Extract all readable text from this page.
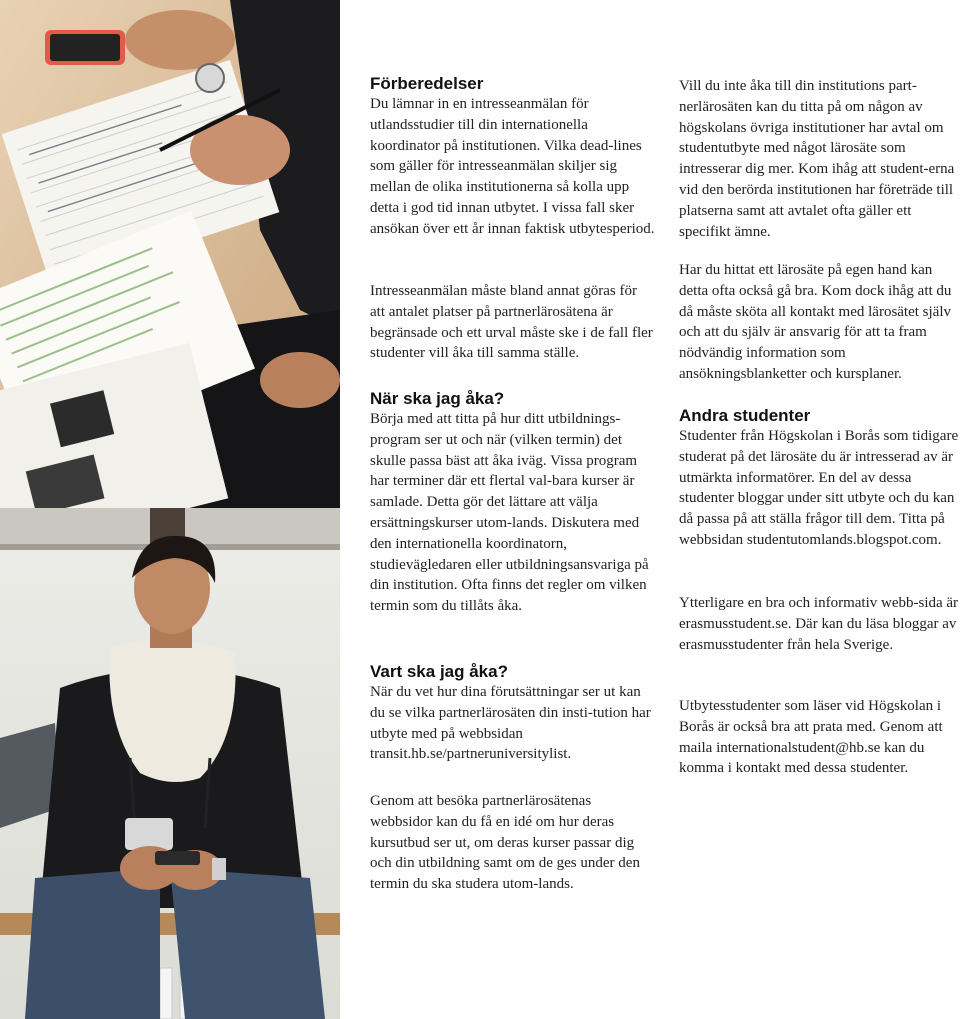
Förberedelser

Du lämnar in en intresseanmälan för utlandsstudier till din internationella koordinator på institutionen. Vilka dead-lines som gäller för intresseanmälan skiljer sig mellan de olika institutionerna så kolla upp detta i god tid innan utbytet. I vissa fall sker ansökan över ett år innan faktisk utbytesperiod.

Intresseanmälan måste bland annat göras för att antalet platser på partnerlärosätena är begränsade och ett urval måste ske i de fall fler studenter vill åka till samma ställe.

När ska jag åka?

Börja med att titta på hur ditt utbildnings-program ser ut och när (vilken termin) det skulle passa bäst att åka iväg. Vissa program har terminer där ett flertal val-bara kurser är samlade. Detta gör det lättare att välja ersättningskurser utom-lands. Diskutera med den internationella koordinatorn, studievägledaren eller utbildningsansvariga på din institution. Ofta finns det regler om vilken termin som du tillåts åka.

Vart ska jag åka?

När du vet hur dina förutsättningar ser ut kan du se vilka partnerlärosäten din insti-tution har utbyte med på webbsidan transit.hb.se/partneruniversitylist.

Genom att besöka partnerlärosätenas webbsidor kan du få en idé om hur deras kursutbud ser ut, om deras kurser passar dig och din utbildning samt om de ges under den termin du ska studera utom-lands.

Vill du inte åka till din institutions part-nerlärosäten kan du titta på om någon av högskolans övriga institutioner har avtal om studentutbyte med något lärosäte som intresserar dig mer. Kom ihåg att student-erna vid den berörda institutionen har företräde till platserna samt att avtalet ofta gäller ett specifikt ämne.

Har du hittat ett lärosäte på egen hand kan detta ofta också gå bra. Kom dock ihåg att du då måste sköta all kontakt med lärosätet själv och att du själv är ansvarig för att ta fram nödvändig information som ansökningsblanketter och kursplaner.

Andra studenter

Studenter från Högskolan i Borås som tidigare studerat på det lärosäte du är intresserad av är utmärkta informatörer. En del av dessa studenter bloggar under sitt utbyte och du kan då passa på att ställa frågor till dem. Titta på webbsidan studentutomlands.blogspot.com.

Ytterligare en bra och informativ webb-sida är erasmusstudent.se. Där kan du läsa bloggar av erasmusstudenter från hela Sverige.

Utbytesstudenter som läser vid Högskolan i Borås är också bra att prata med. Genom att maila internationalstudent@hb.se kan du komma i kontakt med dessa studenter.
